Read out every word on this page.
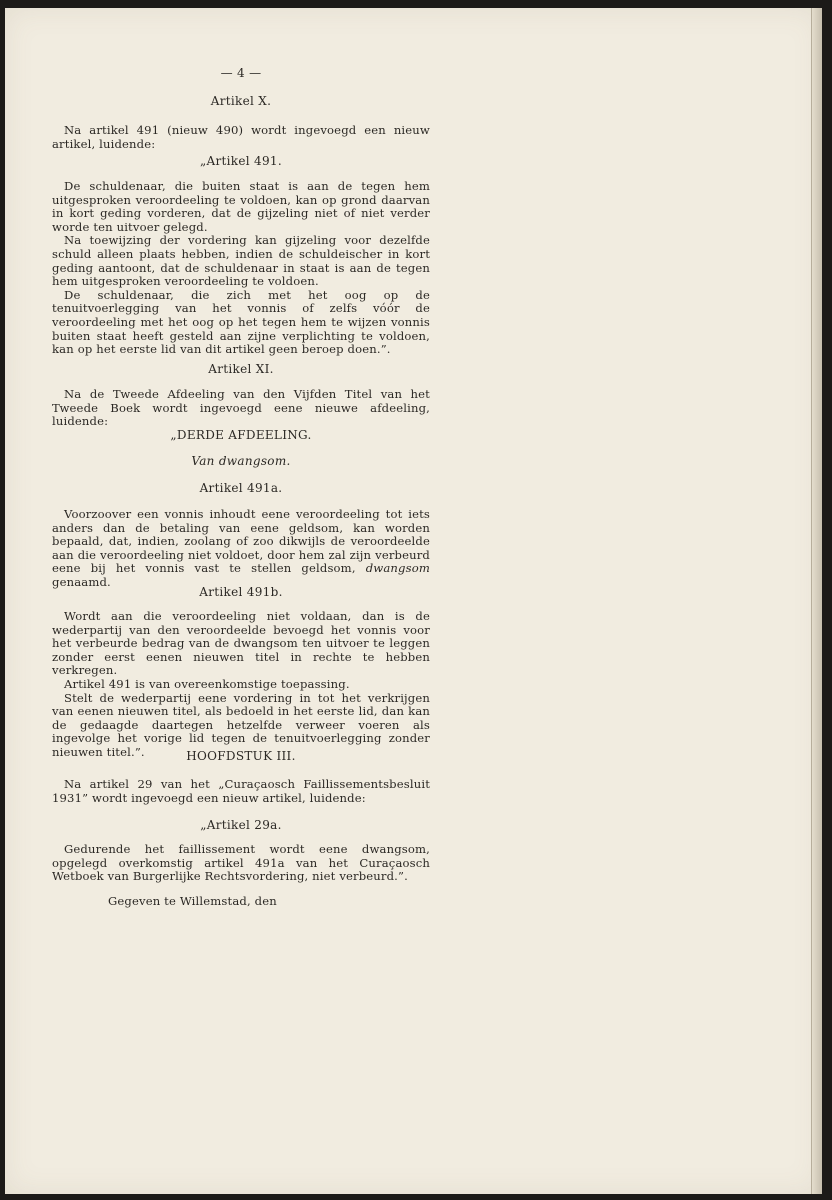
— 4 —
Artikel X.

Na artikel 491 (nieuw 490) wordt ingevoegd een nieuw artikel, luidende:

„Artikel 491.

De schuldenaar, die buiten staat is aan de tegen hem uitgesproken veroordeeling te voldoen, kan op grond daarvan in kort geding vorderen, dat de gijzeling niet of niet verder worde ten uitvoer gelegd.

Na toewijzing der vordering kan gijzeling voor dezelfde schuld alleen plaats hebben, indien de schuldeischer in kort geding aantoont, dat de schuldenaar in staat is aan de tegen hem uitgesproken veroordeeling te voldoen.

De schuldenaar, die zich met het oog op de tenuitvoerlegging van het vonnis of zelfs vóór de veroordeeling met het oog op het tegen hem te wijzen vonnis buiten staat heeft gesteld aan zijne verplichting te voldoen, kan op het eerste lid van dit artikel geen beroep doen.”.

Artikel XI.

Na de Tweede Afdeeling van den Vijfden Titel van het Tweede Boek wordt ingevoegd eene nieuwe afdeeling, luidende:

„DERDE AFDEELING.
Van dwangsom.
Artikel 491a.

Voorzoover een vonnis inhoudt eene veroordeeling tot iets anders dan de betaling van eene geldsom, kan worden bepaald, dat, indien, zoolang of zoo dikwijls de veroordeelde aan die veroordeeling niet voldoet, door hem zal zijn verbeurd eene bij het vonnis vast te stellen geldsom, dwangsom genaamd.

Artikel 491b.

Wordt aan die veroordeeling niet voldaan, dan is de wederpartij van den veroordeelde bevoegd het vonnis voor het verbeurde bedrag van de dwangsom ten uitvoer te leggen zonder eerst eenen nieuwen titel in rechte te hebben verkregen.

Artikel 491 is van overeenkomstige toepassing.

Stelt de wederpartij eene vordering in tot het verkrijgen van eenen nieuwen titel, als bedoeld in het eerste lid, dan kan de gedaagde daartegen hetzelfde verweer voeren als ingevolge het vorige lid tegen de tenuitvoerlegging zonder nieuwen titel.”.	HOOFDSTUK III.

Na artikel 29 van het „Curaçaosch Faillissementsbesluit 1931” wordt ingevoegd een nieuw artikel, luidende:

„Artikel 29a.

Gedurende het faillissement wordt eene dwangsom, opgelegd overkomstig artikel 491a van het Curaçaosch Wetboek van Burgerlijke Rechtsvordering, niet verbeurd.”.

Gegeven te Willemstad, den
